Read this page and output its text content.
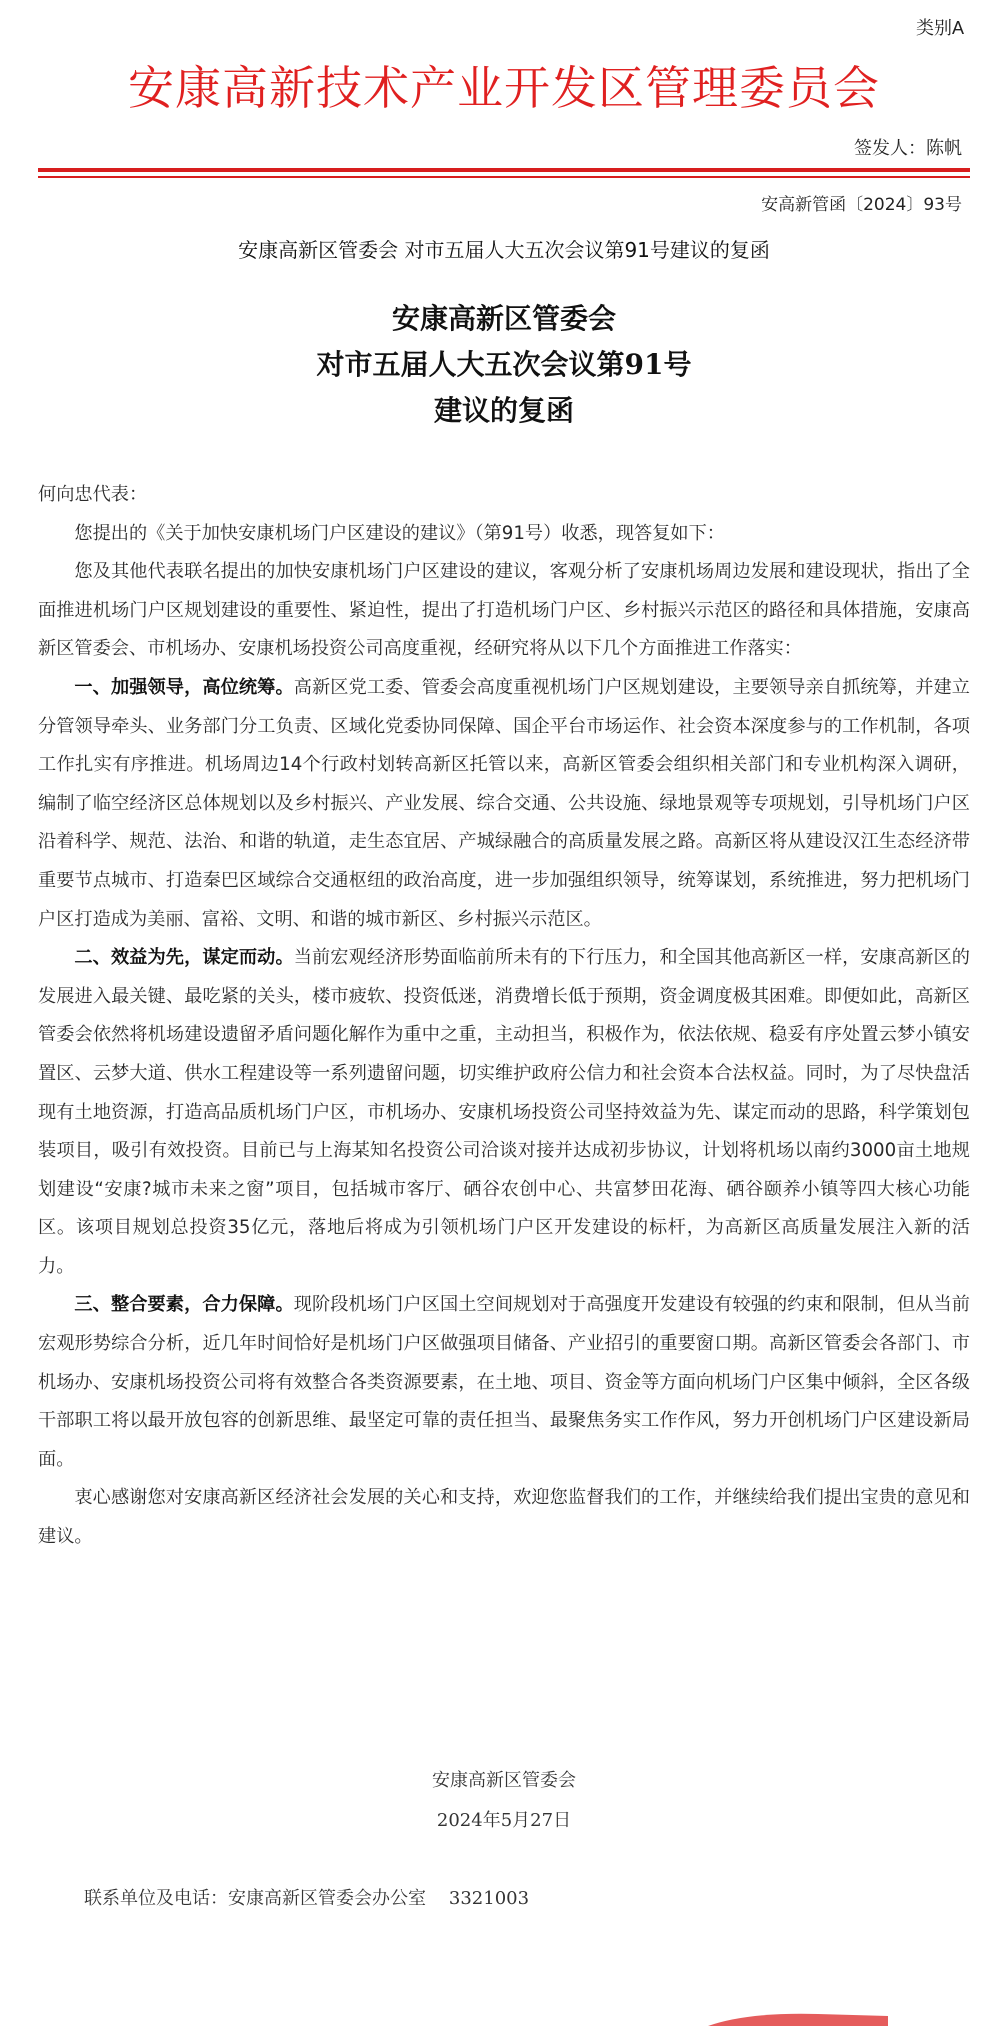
类别A
安康高新技术产业开发区管理委员会
签发人：陈帆
安高新管函〔2024〕93号
安康高新区管委会 对市五届人大五次会议第91号建议的复函
安康高新区管委会
对市五届人大五次会议第91号
建议的复函

何向忠代表：

您提出的《关于加快安康机场门户区建设的建议》（第91号）收悉，现答复如下：

您及其他代表联名提出的加快安康机场门户区建设的建议，客观分析了安康机场周边发展和建设现状，指出了全面推进机场门户区规划建设的重要性、紧迫性，提出了打造机场门户区、乡村振兴示范区的路径和具体措施，安康高新区管委会、市机场办、安康机场投资公司高度重视，经研究将从以下几个方面推进工作落实：

一、加强领导，高位统筹。高新区党工委、管委会高度重视机场门户区规划建设，主要领导亲自抓统筹，并建立分管领导牵头、业务部门分工负责、区域化党委协同保障、国企平台市场运作、社会资本深度参与的工作机制，各项工作扎实有序推进。机场周边14个行政村划转高新区托管以来，高新区管委会组织相关部门和专业机构深入调研，编制了临空经济区总体规划以及乡村振兴、产业发展、综合交通、公共设施、绿地景观等专项规划，引导机场门户区沿着科学、规范、法治、和谐的轨道，走生态宜居、产城绿融合的高质量发展之路。高新区将从建设汉江生态经济带重要节点城市、打造秦巴区域综合交通枢纽的政治高度，进一步加强组织领导，统筹谋划，系统推进，努力把机场门户区打造成为美丽、富裕、文明、和谐的城市新区、乡村振兴示范区。

二、效益为先，谋定而动。当前宏观经济形势面临前所未有的下行压力，和全国其他高新区一样，安康高新区的发展进入最关键、最吃紧的关头，楼市疲软、投资低迷，消费增长低于预期，资金调度极其困难。即便如此，高新区管委会依然将机场建设遗留矛盾问题化解作为重中之重，主动担当，积极作为，依法依规、稳妥有序处置云梦小镇安置区、云梦大道、供水工程建设等一系列遗留问题，切实维护政府公信力和社会资本合法权益。同时，为了尽快盘活现有土地资源，打造高品质机场门户区，市机场办、安康机场投资公司坚持效益为先、谋定而动的思路，科学策划包装项目，吸引有效投资。目前已与上海某知名投资公司洽谈对接并达成初步协议，计划将机场以南约3000亩土地规划建设“安康?城市未来之窗”项目，包括城市客厅、硒谷农创中心、共富梦田花海、硒谷颐养小镇等四大核心功能区。该项目规划总投资35亿元，落地后将成为引领机场门户区开发建设的标杆，为高新区高质量发展注入新的活力。

三、整合要素，合力保障。现阶段机场门户区国土空间规划对于高强度开发建设有较强的约束和限制，但从当前宏观形势综合分析，近几年时间恰好是机场门户区做强项目储备、产业招引的重要窗口期。高新区管委会各部门、市机场办、安康机场投资公司将有效整合各类资源要素，在土地、项目、资金等方面向机场门户区集中倾斜，全区各级干部职工将以最开放包容的创新思维、最坚定可靠的责任担当、最聚焦务实工作作风，努力开创机场门户区建设新局面。

衷心感谢您对安康高新区经济社会发展的关心和支持，欢迎您监督我们的工作，并继续给我们提出宝贵的意见和建议。

安康高新区管委会
2024年5月27日
联系单位及电话：安康高新区管委会办公室    3321003
